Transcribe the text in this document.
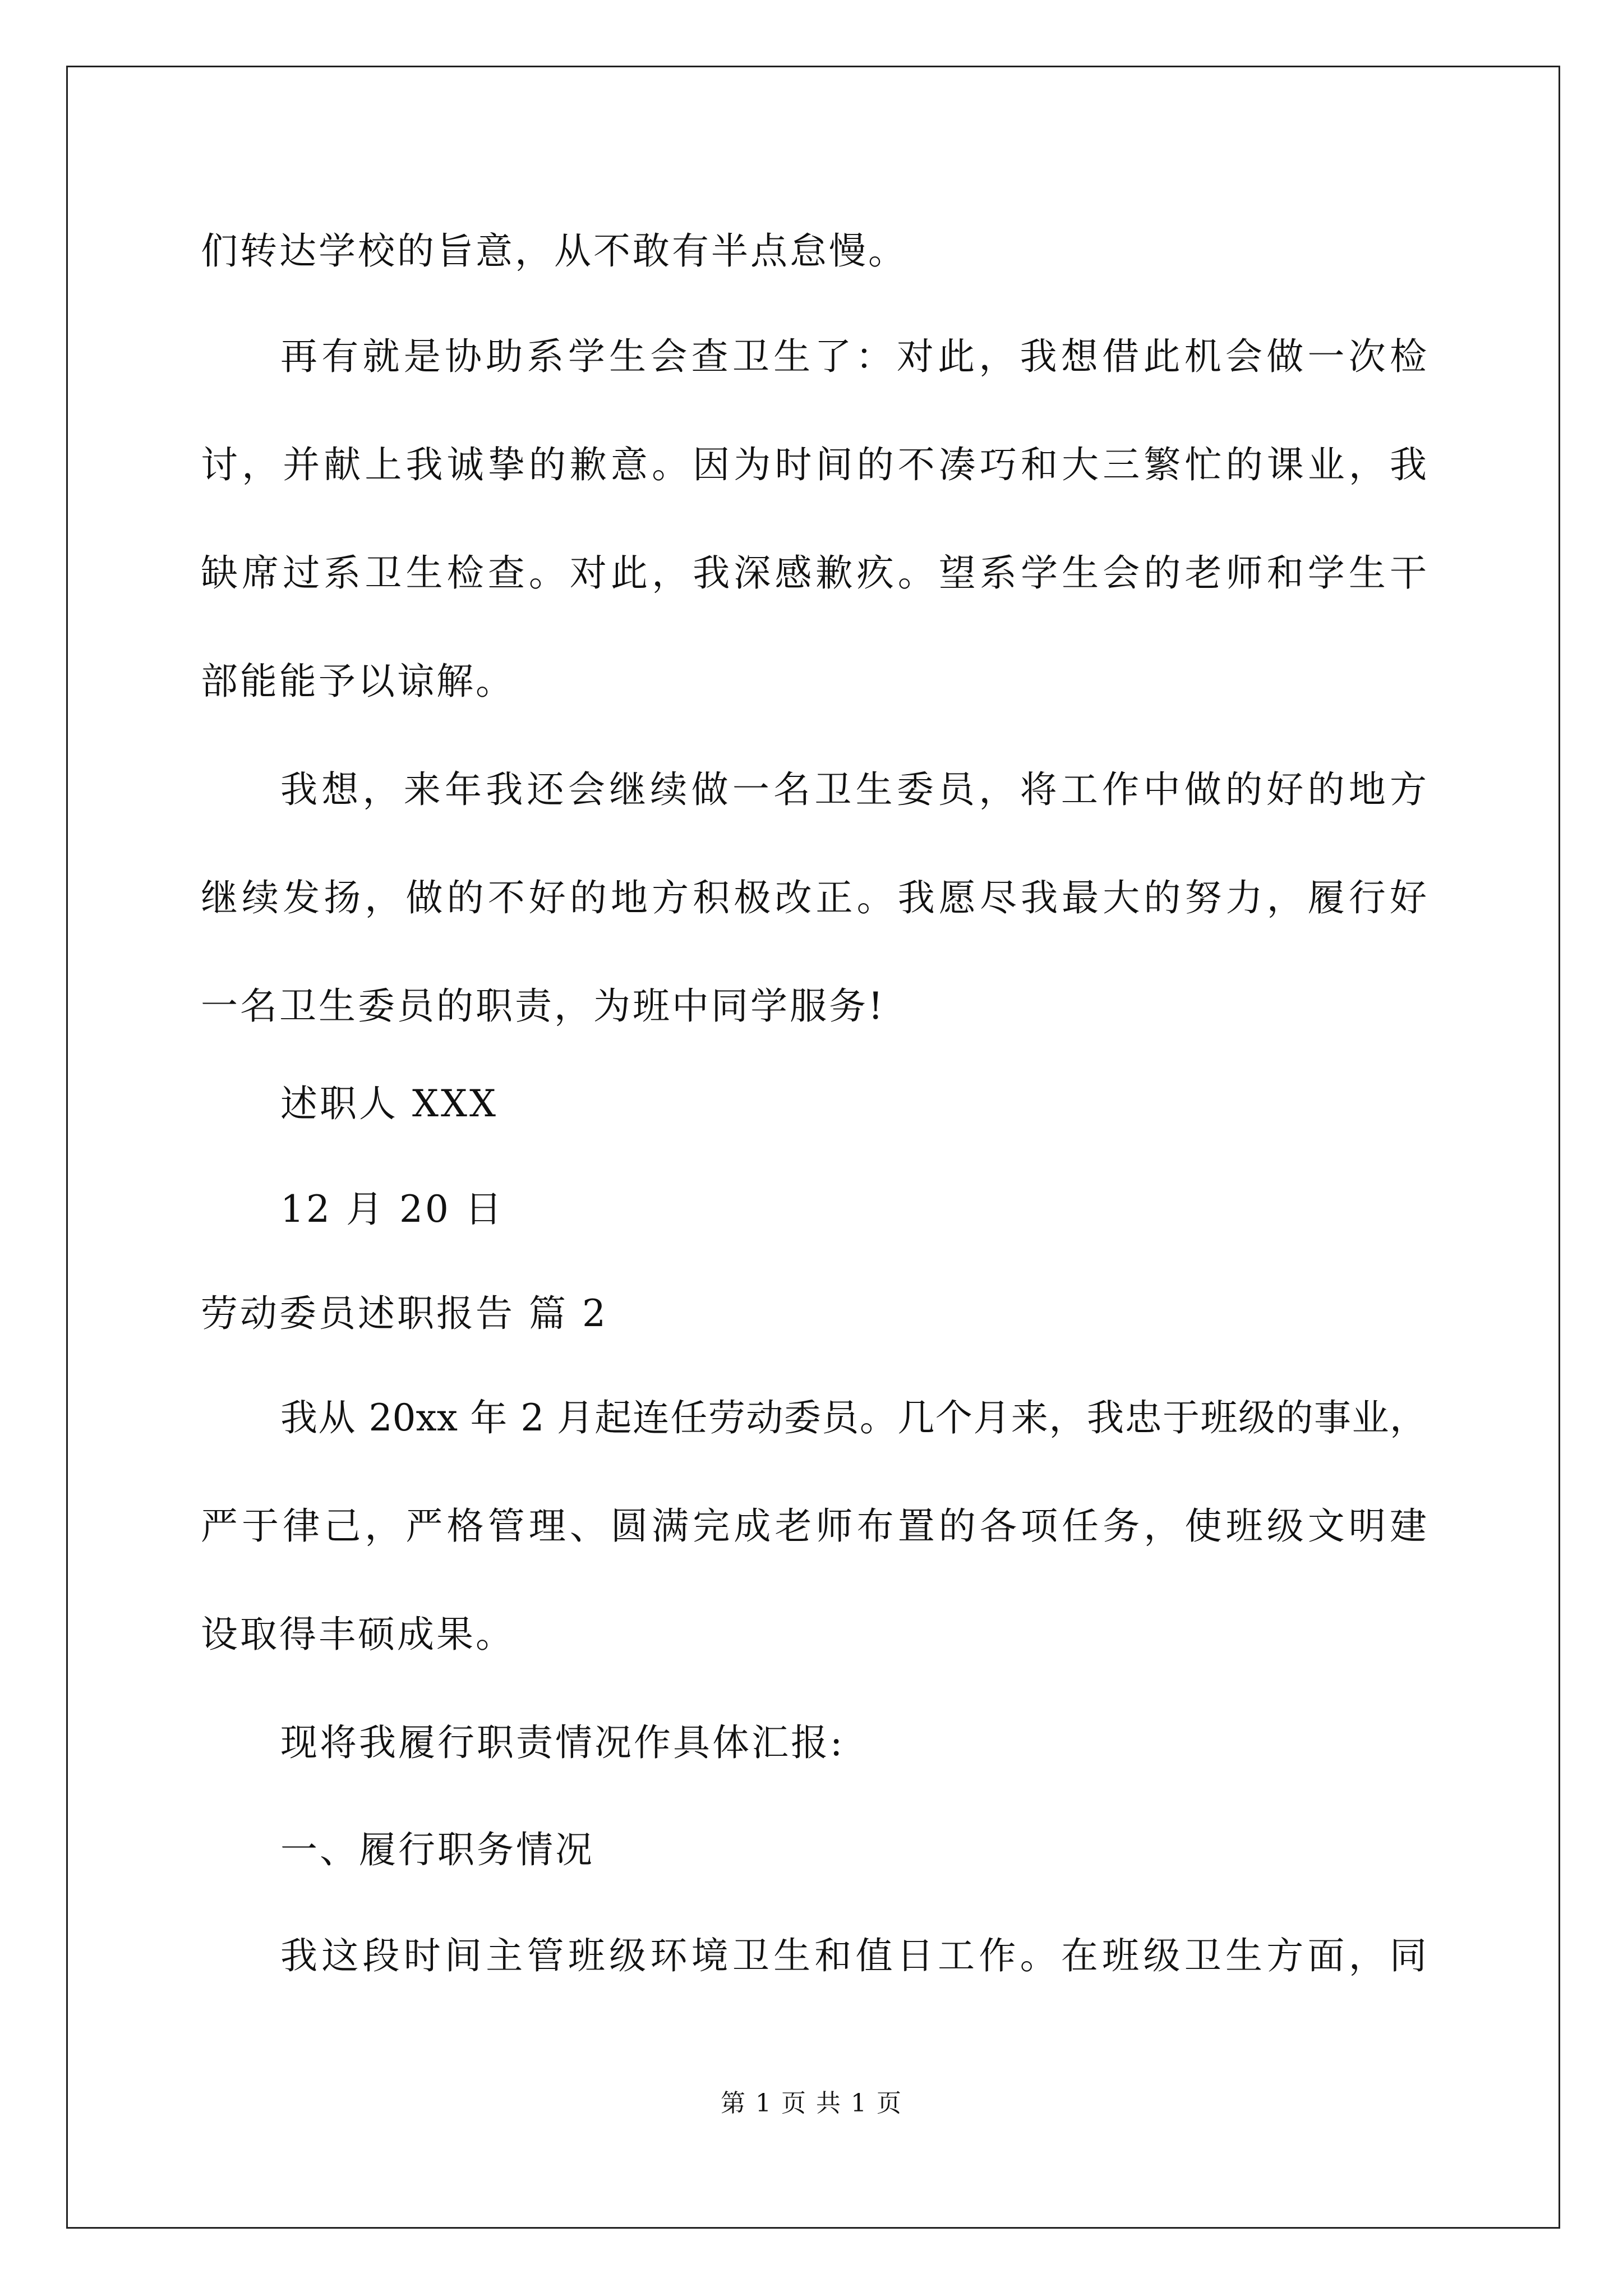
们转达学校的旨意，从不敢有半点怠慢。
再有就是协助系学生会查卫生了：对此，我想借此机会做一次检
讨，并献上我诚挚的歉意。因为时间的不凑巧和大三繁忙的课业，我
缺席过系卫生检查。对此，我深感歉疚。望系学生会的老师和学生干
部能能予以谅解。
我想，来年我还会继续做一名卫生委员，将工作中做的好的地方
继续发扬，做的不好的地方积极改正。我愿尽我最大的努力，履行好
一名卫生委员的职责，为班中同学服务!
述职人 XXX
12 月 20 日
劳动委员述职报告 篇 2
我从 20xx 年 2 月起连任劳动委员。几个月来，我忠于班级的事业，
严于律己，严格管理、圆满完成老师布置的各项任务，使班级文明建
设取得丰硕成果。
现将我履行职责情况作具体汇报:
一、履行职务情况
我这段时间主管班级环境卫生和值日工作。在班级卫生方面，同
第 1 页 共 1 页
